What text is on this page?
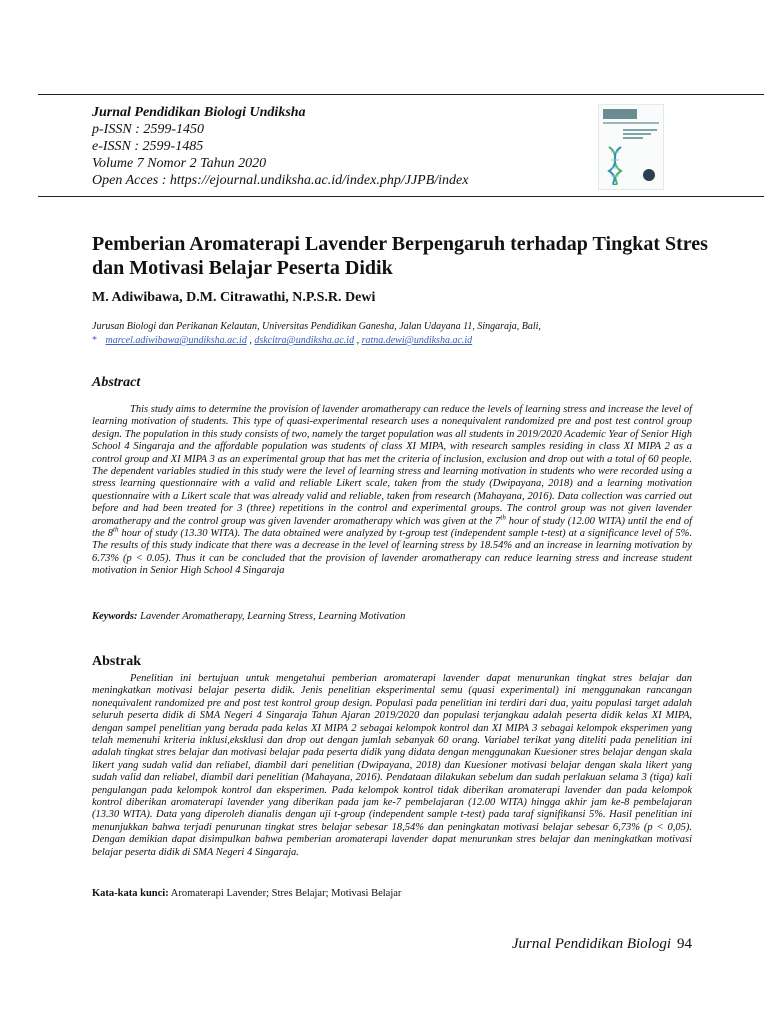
Jurnal Pendidikan Biologi Undiksha
p-ISSN : 2599-1450
e-ISSN : 2599-1485
Volume 7 Nomor 2 Tahun 2020
Open Acces : https://ejournal.undiksha.ac.id/index.php/JJPB/index
Pemberian Aromaterapi Lavender Berpengaruh terhadap Tingkat Stres dan Motivasi Belajar Peserta Didik
M. Adiwibawa, D.M. Citrawathi, N.P.S.R. Dewi
Jurusan Biologi dan Perikanan Kelautan, Universitas Pendidikan Ganesha, Jalan Udayana 11, Singaraja, Bali,
* marcel.adiwibawa@undiksha.ac.id , dskcitra@undiksha.ac.id , ratna.dewi@undiksha.ac.id
Abstract

This study aims to determine the provision of lavender aromatherapy can reduce the levels of learning stress and increase the level of learning motivation of students. This type of quasi-experimental research uses a nonequivalent randomized pre and post test control group design. The population in this study consists of two, namely the target population was all students in 2019/2020 Academic Year of Senior High School 4 Singaraja and the affordable population was students of class XI MIPA, with research samples residing in class XI MIPA 2 as a control group and XI MIPA 3 as an experimental group that has met the criteria of inclusion, exclusion and drop out with a total of 60 people. The dependent variables studied in this study were the level of learning stress and learning motivation in students who were recorded using a stress learning questionnaire with a valid and reliable Likert scale, taken from the study (Dwipayana, 2018) and a learning motivation questionnaire with a Likert scale that was already valid and reliable, taken from research (Mahayana, 2016). Data collection was carried out before and had been treated for 3 (three) repetitions in the control and experimental groups. The control group was not given lavender aromatherapy and the control group was given lavender aromatherapy which was given at the 7th hour of study (12.00 WITA) until the end of the 8th hour of study (13.30 WITA). The data obtained were analyzed by t-group test (independent sample t-test) at a significance level of 5%. The results of this study indicate that there was a decrease in the level of learning stress by 18.54% and an increase in learning motivation by 6.73% (p < 0.05). Thus it can be concluded that the provision of lavender aromatherapy can reduce learning stress and increase student motivation in Senior High School 4 Singaraja

Keywords: Lavender Aromatherapy, Learning Stress, Learning Motivation
Abstrak

Penelitian ini bertujuan untuk mengetahui pemberian aromaterapi lavender dapat menurunkan tingkat stres belajar dan meningkatkan motivasi belajar peserta didik. Jenis penelitian eksperimental semu (quasi experimental) ini menggunakan rancangan nonequivalent randomized pre and post test kontrol group design. Populasi pada penelitian ini terdiri dari dua, yaitu populasi target adalah seluruh peserta didik di SMA Negeri 4 Singaraja Tahun Ajaran 2019/2020 dan populasi terjangkau adalah peserta didik kelas XI MIPA, dengan sampel penelitian yang berada pada kelas XI MIPA 2 sebagai kelompok kontrol dan XI MIPA 3 sebagai kelompok eksperimen yang telah memenuhi kriteria inklusi,eksklusi dan drop out dengan jumlah sebanyak 60 orang. Variabel terikat yang diteliti pada penelitian ini adalah tingkat stres belajar dan motivasi belajar pada peserta didik yang didata dengan menggunakan Kuesioner stres belajar dengan skala likert yang sudah valid dan reliabel, diambil dari penelitian (Dwipayana, 2018) dan Kuesioner motivasi belajar dengan skala likert yang sudah valid dan reliabel, diambil dari penelitian (Mahayana, 2016). Pendataan dilakukan sebelum dan sudah perlakuan selama 3 (tiga) kali pengulangan pada kelompok kontrol dan eksperimen. Pada kelompok kontrol tidak diberikan aromaterapi lavender dan pada kelompok kontrol diberikan aromaterapi lavender yang diberikan pada jam ke-7 pembelajaran (12.00 WITA) hingga akhir jam ke-8 pembelajaran (13.30 WITA). Data yang diperoleh dianalis dengan uji t-group (independent sample t-test) pada taraf signifikansi 5%. Hasil penelitian ini menunjukkan bahwa terjadi penurunan tingkat stres belajar sebesar 18,54% dan peningkatan motivasi belajar sebesar 6,73% (p < 0,05). Dengan demikian dapat disimpulkan bahwa pemberian aromaterapi lavender dapat menurunkan stres belajar dan meningkatkan motivasi belajar peserta didik di SMA Negeri 4 Singaraja.

Kata-kata kunci: Aromaterapi Lavender; Stres Belajar; Motivasi Belajar
Jurnal Pendidikan Biologi 94
